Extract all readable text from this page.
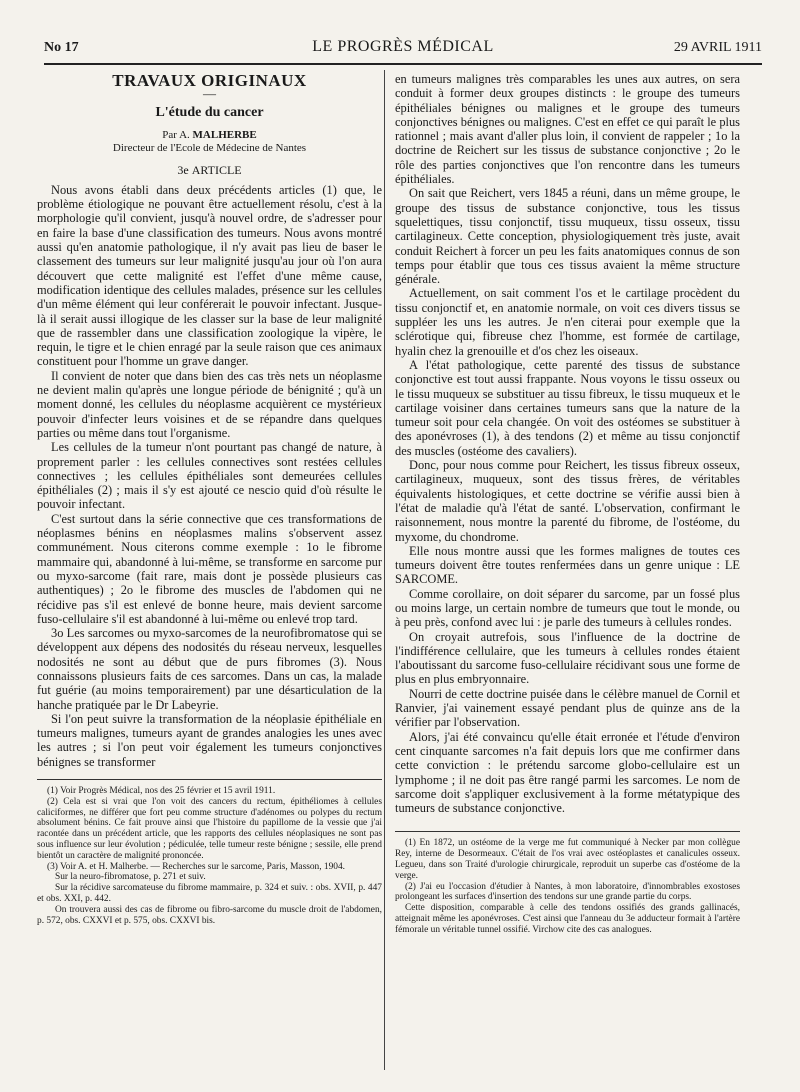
No 17	LE PROGRÈS MÉDICAL	29 AVRIL 1911
TRAVAUX ORIGINAUX
—
L'étude du cancer
Par A. MALHERBE
Directeur de l'Ecole de Médecine de Nantes
3e ARTICLE

Nous avons établi dans deux précédents articles (1) que, le problème étiologique ne pouvant être actuellement résolu, c'est à la morphologie qu'il convient, jusqu'à nouvel ordre, de s'adresser pour en faire la base d'une classification des tumeurs. Nous avons montré aussi qu'en anatomie pathologique, il n'y avait pas lieu de baser le classement des tumeurs sur leur malignité jusqu'au jour où l'on aura découvert que cette malignité est l'effet d'une même cause, modification identique des cellules malades, présence sur les cellules d'un même élément qui leur conférerait le pouvoir infectant. Jusque-là il serait aussi illogique de les classer sur la base de leur malignité que de rassembler dans une classification zoologique la vipère, le requin, le tigre et le chien enragé par la seule raison que ces animaux constituent pour l'homme un grave danger.

Il convient de noter que dans bien des cas très nets un néoplasme ne devient malin qu'après une longue période de bénignité ; qu'à un moment donné, les cellules du néoplasme acquièrent ce mystérieux pouvoir d'infecter leurs voisines et de se répandre dans quelques parties ou même dans tout l'organisme.

Les cellules de la tumeur n'ont pourtant pas changé de nature, à proprement parler : les cellules connectives sont restées cellules connectives ; les cellules épithéliales sont demeurées cellules épithéliales (2) ; mais il s'y est ajouté ce nescio quid d'où résulte le pouvoir infectant.

C'est surtout dans la série connective que ces transformations de néoplasmes bénins en néoplasmes malins s'observent assez communément. Nous citerons comme exemple : 1o le fibrome mammaire qui, abandonné à lui-même, se transforme en sarcome pur ou myxo-sarcome (fait rare, mais dont je possède plusieurs cas authentiques) ; 2o le fibrome des muscles de l'abdomen qui ne récidive pas s'il est enlevé de bonne heure, mais devient sarcome fuso-cellulaire s'il est abandonné à lui-même ou enlevé trop tard.

3o Les sarcomes ou myxo-sarcomes de la neurofibromatose qui se développent aux dépens des nodosités du réseau nerveux, lesquelles nodosités ne sont au début que de purs fibromes (3). Nous connaissons plusieurs faits de ces sarcomes. Dans un cas, la malade fut guérie (au moins temporairement) par une désarticulation de la hanche pratiquée par le Dr Labeyrie.

Si l'on peut suivre la transformation de la néoplasie épithéliale en tumeurs malignes, tumeurs ayant de grandes analogies les unes avec les autres ; si l'on peut voir également les tumeurs conjonctives bénignes se transformer

(1) Voir Progrès Médical, nos des 25 février et 15 avril 1911.

(2) Cela est si vrai que l'on voit des cancers du rectum, épithéliomes à cellules caliciformes, ne différer que fort peu comme structure d'adénomes ou polypes du rectum absolument bénins. Ce fait prouve ainsi que l'histoire du papillome de la vessie que j'ai racontée dans un précédent article, que les rapports des cellules néoplasiques ne sont pas sous influence sur leur évolution ; pédiculée, telle tumeur reste bénigne ; sessile, elle prend bientôt un caractère de malignité prononcée.

(3) Voir A. et H. Malherbe. — Recherches sur le sarcome, Paris, Masson, 1904.

Sur la neuro-fibromatose, p. 271 et suiv.

Sur la récidive sarcomateuse du fibrome mammaire, p. 324 et suiv. : obs. XVII, p. 447 et obs. XXI, p. 442.

On trouvera aussi des cas de fibrome ou fibro-sarcome du muscle droit de l'abdomen, p. 572, obs. CXXVI et p. 575, obs. CXXVI bis.

en tumeurs malignes très comparables les unes aux autres, on sera conduit à former deux groupes distincts : le groupe des tumeurs épithéliales bénignes ou malignes et le groupe des tumeurs conjonctives bénignes ou malignes. C'est en effet ce qui paraît le plus rationnel ; mais avant d'aller plus loin, il convient de rappeler ; 1o la doctrine de Reichert sur les tissus de substance conjonctive ; 2o le rôle des parties conjonctives que l'on rencontre dans les tumeurs épithéliales.

On sait que Reichert, vers 1845 a réuni, dans un même groupe, le groupe des tissus de substance conjonctive, tous les tissus squelettiques, tissu conjonctif, tissu muqueux, tissu osseux, tissu cartilagineux. Cette conception, physiologiquement très juste, avait conduit Reichert à forcer un peu les faits anatomiques connus de son temps pour établir que tous ces tissus avaient la même structure générale.

Actuellement, on sait comment l'os et le cartilage procèdent du tissu conjonctif et, en anatomie normale, on voit ces divers tissus se suppléer les uns les autres. Je n'en citerai pour exemple que la sclérotique qui, fibreuse chez l'homme, est formée de cartilage, hyalin chez la grenouille et d'os chez les oiseaux.

A l'état pathologique, cette parenté des tissus de substance conjonctive est tout aussi frappante. Nous voyons le tissu osseux ou le tissu muqueux se substituer au tissu fibreux, le tissu muqueux et le cartilage voisiner dans certaines tumeurs sans que la nature de la tumeur soit pour cela changée. On voit des ostéomes se substituer à des aponévroses (1), à des tendons (2) et même au tissu conjonctif des muscles (ostéome des cavaliers).

Donc, pour nous comme pour Reichert, les tissus fibreux osseux, cartilagineux, muqueux, sont des tissus frères, de véritables équivalents histologiques, et cette doctrine se vérifie aussi bien à l'état de maladie qu'à l'état de santé. L'observation, confirmant le raisonnement, nous montre la parenté du fibrome, de l'ostéome, du myxome, du chondrome.

Elle nous montre aussi que les formes malignes de toutes ces tumeurs doivent être toutes renfermées dans un genre unique : LE SARCOME.

Comme corollaire, on doit séparer du sarcome, par un fossé plus ou moins large, un certain nombre de tumeurs que tout le monde, ou à peu près, confond avec lui : je parle des tumeurs à cellules rondes.

On croyait autrefois, sous l'influence de la doctrine de l'indifférence cellulaire, que les tumeurs à cellules rondes étaient l'aboutissant du sarcome fuso-cellulaire récidivant sous une forme de plus en plus embryonnaire.

Nourri de cette doctrine puisée dans le célèbre manuel de Cornil et Ranvier, j'ai vainement essayé pendant plus de quinze ans de la vérifier par l'observation.

Alors, j'ai été convaincu qu'elle était erronée et l'étude d'environ cent cinquante sarcomes n'a fait depuis lors que me confirmer dans cette conviction : le prétendu sarcome globo-cellulaire est un lymphome ; il ne doit pas être rangé parmi les sarcomes. Le nom de sarcome doit s'appliquer exclusivement à la forme métatypique des tumeurs de substance conjonctive.

(1) En 1872, un ostéome de la verge me fut communiqué à Necker par mon collègue Rey, interne de Desormeaux. C'était de l'os vrai avec ostéoplastes et canalicules osseux. Legueu, dans son Traité d'urologie chirurgicale, reproduit un superbe cas d'ostéome de la verge.

(2) J'ai eu l'occasion d'étudier à Nantes, à mon laboratoire, d'innombrables exostoses prolongeant les surfaces d'insertion des tendons sur une grande partie du corps.

Cette disposition, comparable à celle des tendons ossifiés des grands gallinacés, atteignait même les aponévroses. C'est ainsi que l'anneau du 3e adducteur formait à l'artère fémorale un véritable tunnel ossifié. Virchow cite des cas analogues.
